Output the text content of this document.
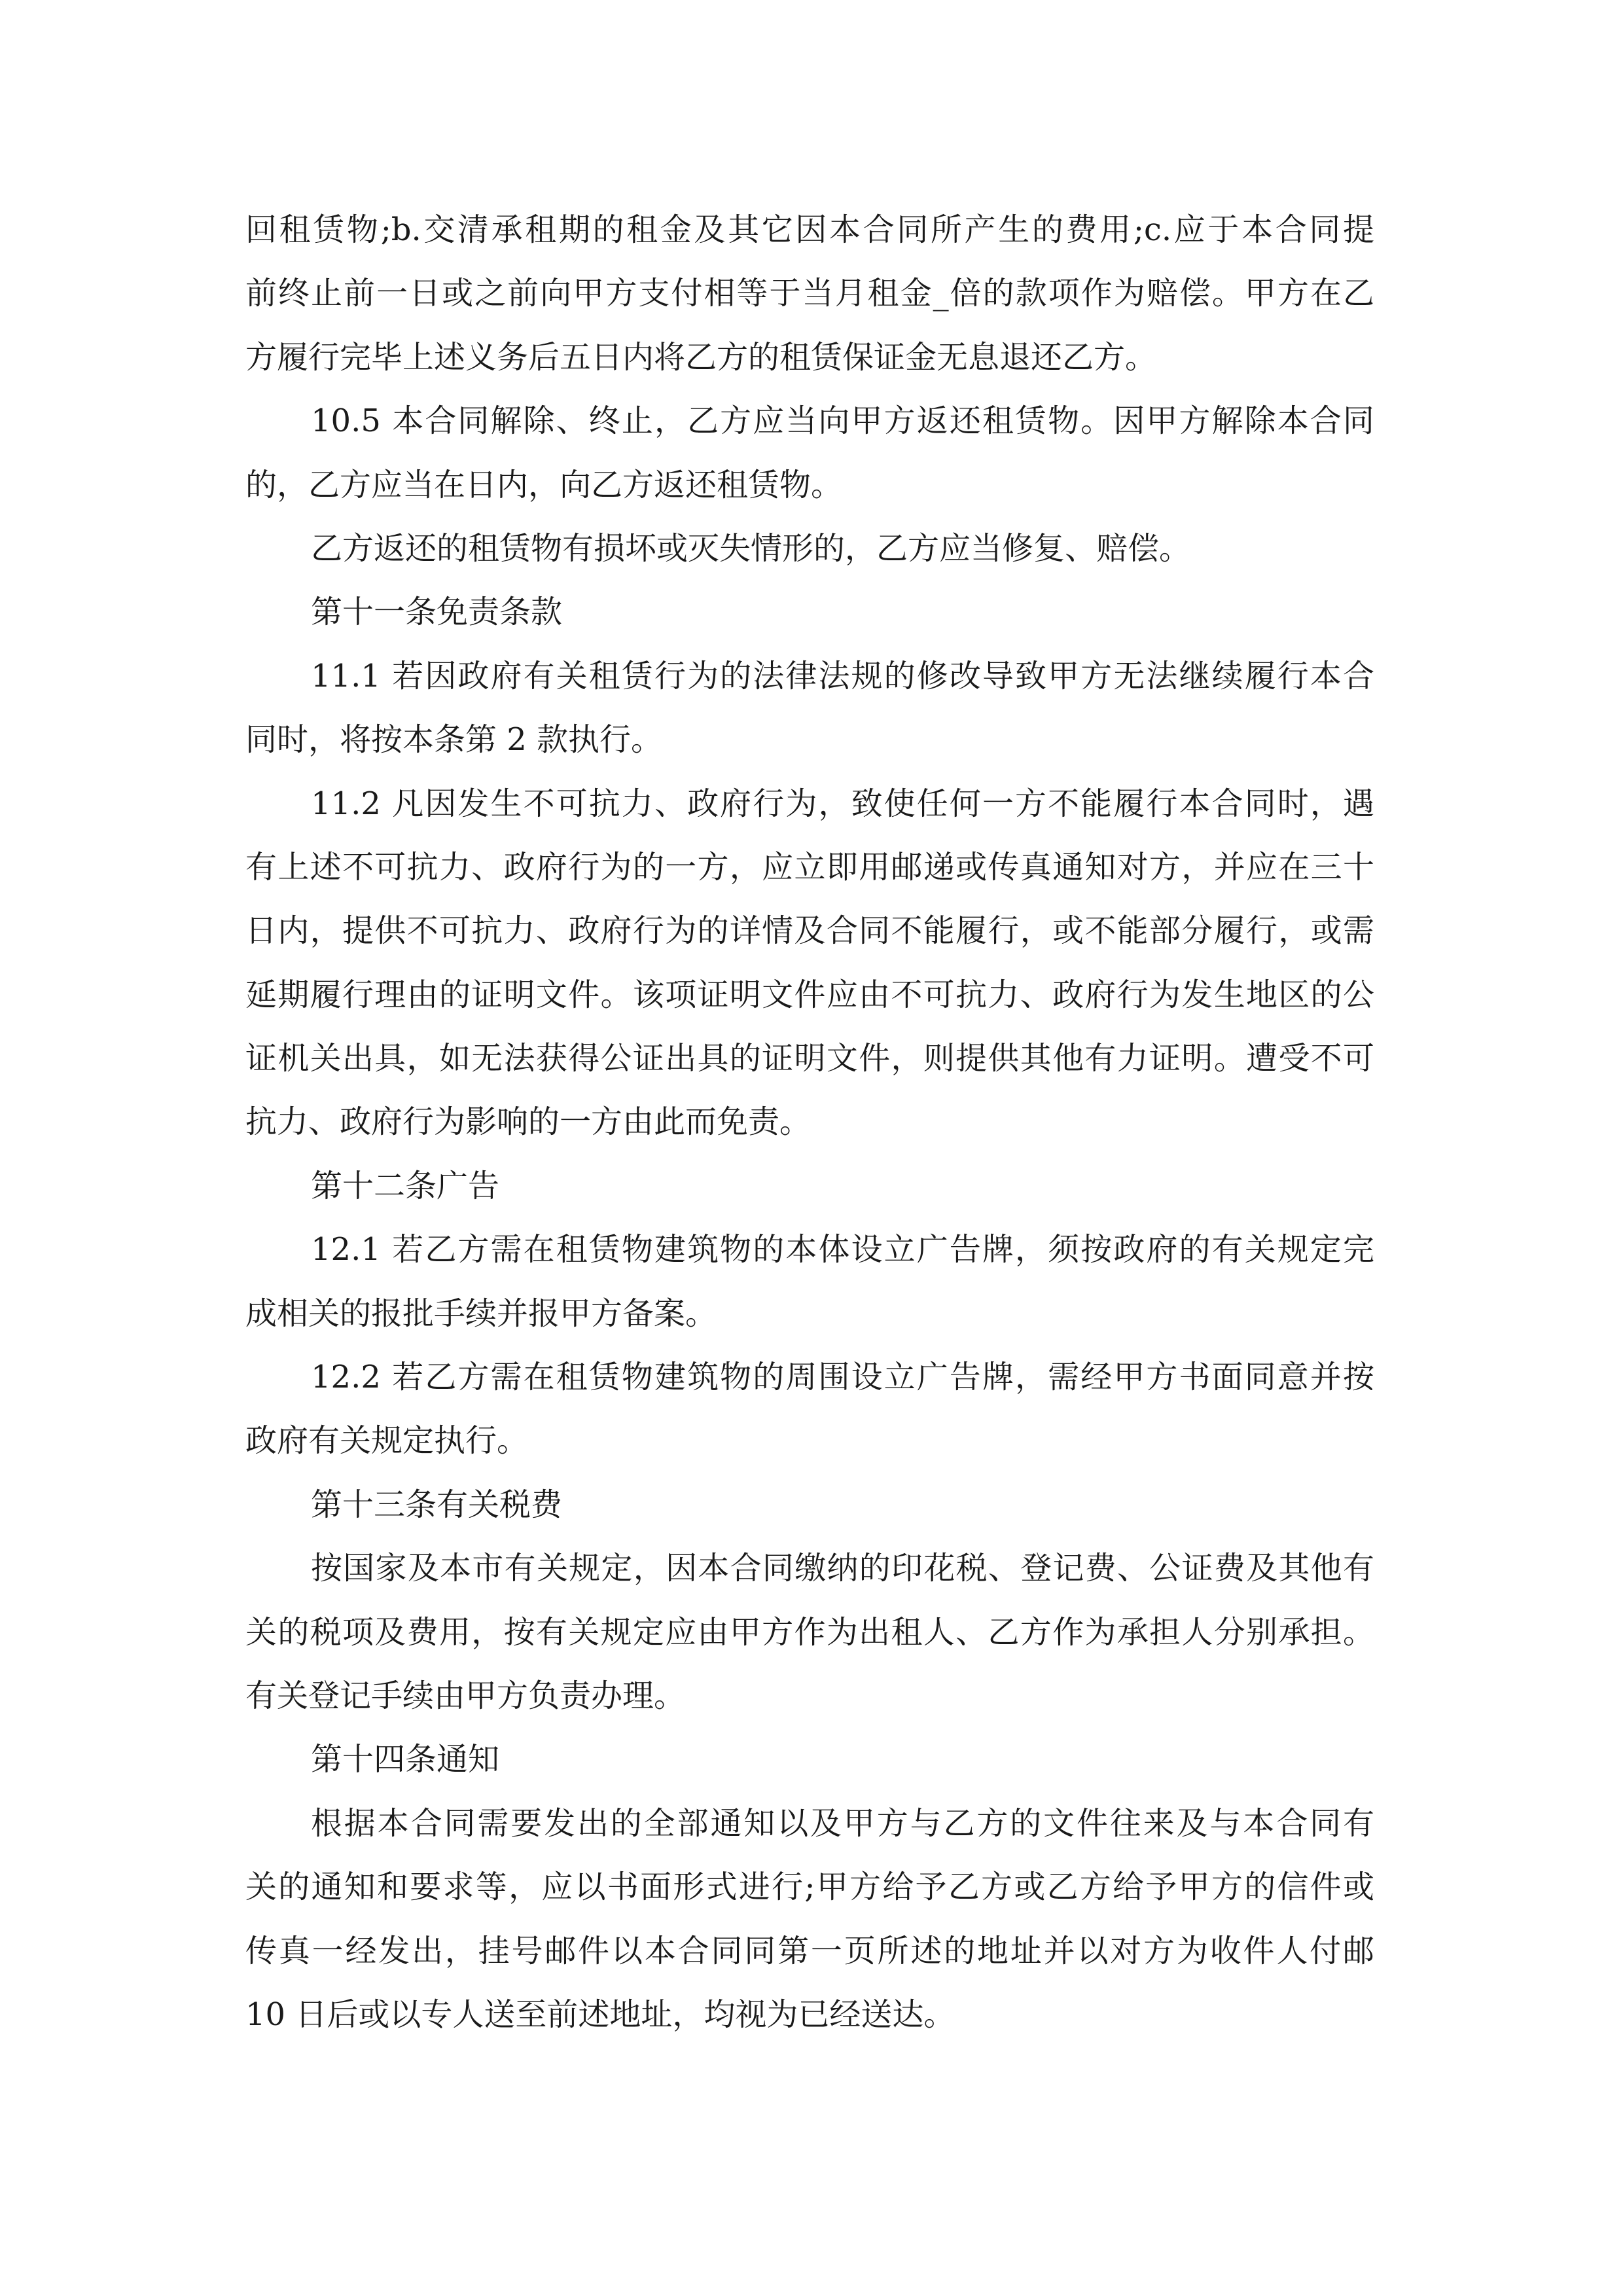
回租赁物;b.交清承租期的租金及其它因本合同所产生的费用;c.应于本合同提
前终止前一日或之前向甲方支付相等于当月租金_倍的款项作为赔偿。甲方在乙
方履行完毕上述义务后五日内将乙方的租赁保证金无息退还乙方。
10.5 本合同解除、终止，乙方应当向甲方返还租赁物。因甲方解除本合同
的，乙方应当在日内，向乙方返还租赁物。
乙方返还的租赁物有损坏或灭失情形的，乙方应当修复、赔偿。
第十一条免责条款
11.1 若因政府有关租赁行为的法律法规的修改导致甲方无法继续履行本合
同时，将按本条第 2 款执行。
11.2 凡因发生不可抗力、政府行为，致使任何一方不能履行本合同时，遇
有上述不可抗力、政府行为的一方，应立即用邮递或传真通知对方，并应在三十
日内，提供不可抗力、政府行为的详情及合同不能履行，或不能部分履行，或需
延期履行理由的证明文件。该项证明文件应由不可抗力、政府行为发生地区的公
证机关出具，如无法获得公证出具的证明文件，则提供其他有力证明。遭受不可
抗力、政府行为影响的一方由此而免责。
第十二条广告
12.1 若乙方需在租赁物建筑物的本体设立广告牌，须按政府的有关规定完
成相关的报批手续并报甲方备案。
12.2 若乙方需在租赁物建筑物的周围设立广告牌，需经甲方书面同意并按
政府有关规定执行。
第十三条有关税费
按国家及本市有关规定，因本合同缴纳的印花税、登记费、公证费及其他有
关的税项及费用，按有关规定应由甲方作为出租人、乙方作为承担人分别承担。
有关登记手续由甲方负责办理。
第十四条通知
根据本合同需要发出的全部通知以及甲方与乙方的文件往来及与本合同有
关的通知和要求等，应以书面形式进行;甲方给予乙方或乙方给予甲方的信件或
传真一经发出，挂号邮件以本合同同第一页所述的地址并以对方为收件人付邮
10 日后或以专人送至前述地址，均视为已经送达。
